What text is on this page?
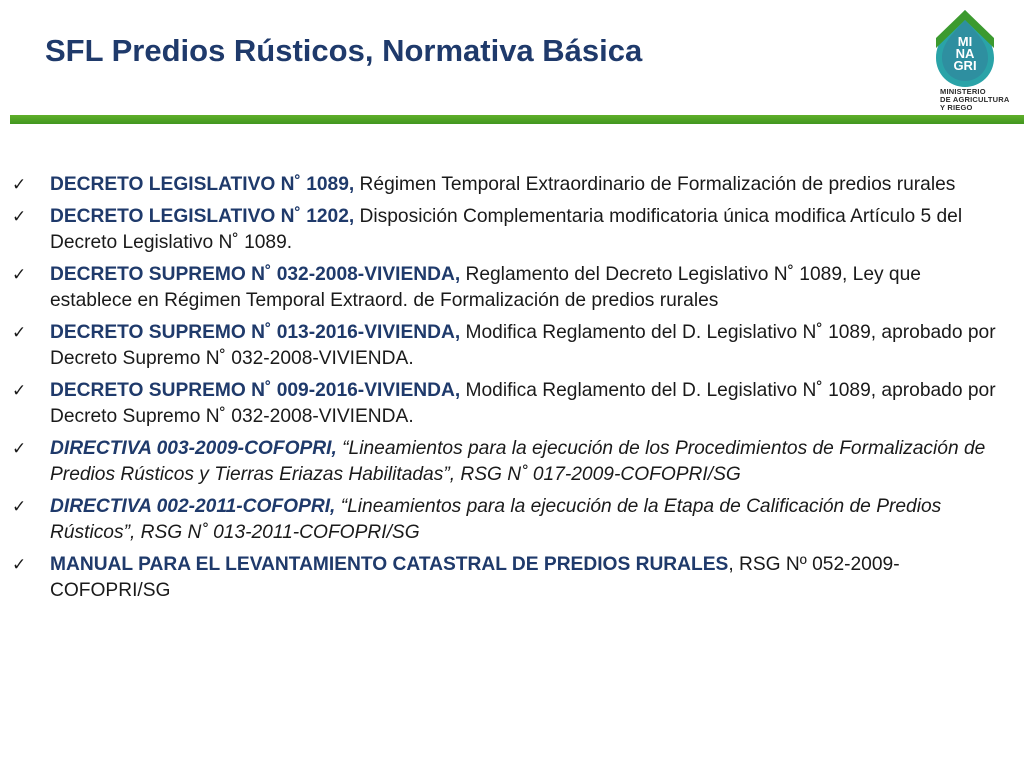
SFL Predios Rústicos, Normativa Básica	MI
NA
GRI
MINISTERIO
DE AGRICULTURA
Y RIEGO
✓ DECRETO LEGISLATIVO N˚ 1089, Régimen Temporal Extraordinario de Formalización de predios rurales
✓ DECRETO LEGISLATIVO N˚ 1202, Disposición Complementaria modificatoria única modifica Artículo 5 del Decreto Legislativo N˚ 1089.
✓ DECRETO SUPREMO N˚ 032-2008-VIVIENDA, Reglamento del Decreto Legislativo N˚ 1089, Ley que establece en Régimen Temporal Extraord. de Formalización de predios rurales
✓ DECRETO SUPREMO N˚ 013-2016-VIVIENDA, Modifica Reglamento del D. Legislativo N˚ 1089, aprobado por Decreto Supremo N˚ 032-2008-VIVIENDA.
✓ DECRETO SUPREMO N˚ 009-2016-VIVIENDA, Modifica Reglamento del D. Legislativo N˚ 1089, aprobado por Decreto Supremo N˚ 032-2008-VIVIENDA.
✓ DIRECTIVA 003-2009-COFOPRI, “Lineamientos para la ejecución de los Procedimientos de Formalización de Predios Rústicos y Tierras Eriazas Habilitadas”, RSG N˚ 017-2009-COFOPRI/SG
✓ DIRECTIVA 002-2011-COFOPRI, “Lineamientos para la ejecución de la Etapa de Calificación de Predios Rústicos”, RSG N˚ 013-2011-COFOPRI/SG
✓ MANUAL PARA EL LEVANTAMIENTO CATASTRAL DE PREDIOS RURALES, RSG Nº 052-2009-COFOPRI/SG
